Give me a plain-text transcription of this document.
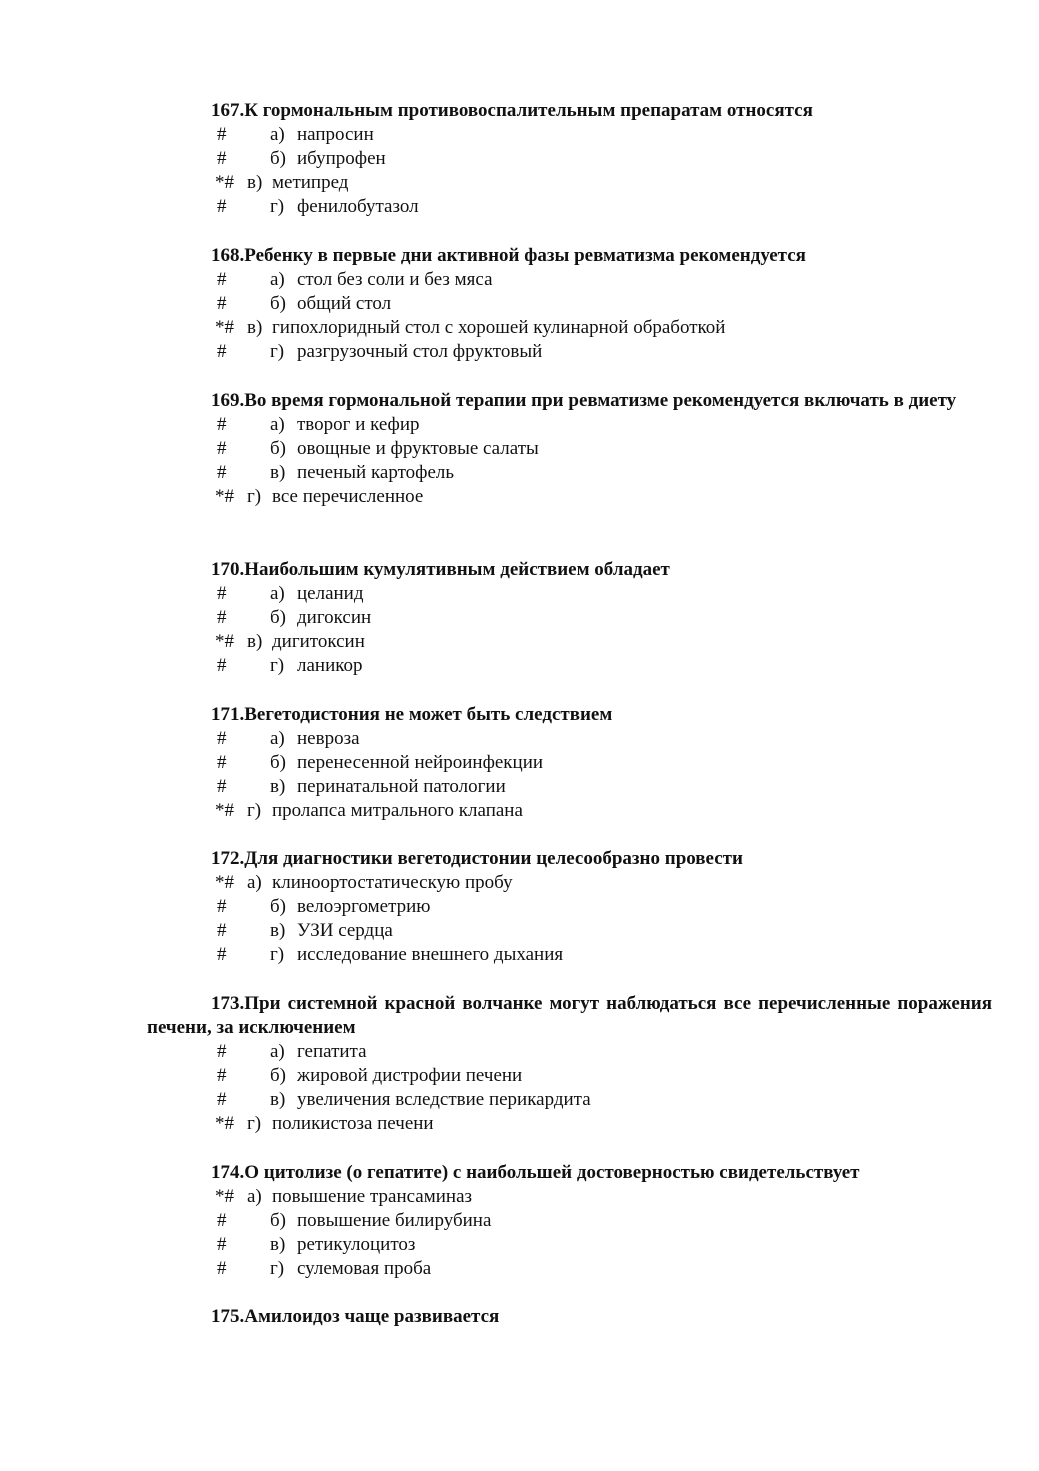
167.К гормональным противовоспалительным препаратам относятся
# а) напросин
# б) ибупрофен
*# в) метипред
# г) фенилобутазол
168.Ребенку в первые дни активной фазы ревматизма рекомендуется
# а) стол без соли и без мяса
# б) общий стол
*# в) гипохлоридный стол с хорошей кулинарной обработкой
# г) разгрузочный стол фруктовый
169.Во время гормональной терапии при ревматизме рекомендуется включать в диету
# а) творог и кефир
# б) овощные и фруктовые салаты
# в) печеный картофель
*# г) все перечисленное
170.Наибольшим кумулятивным действием обладает
# а) целанид
# б) дигоксин
*# в) дигитоксин
# г) ланикор
171.Вегетодистония не может быть следствием
# а) невроза
# б) перенесенной нейроинфекции
# в) перинатальной патологии
*# г) пролапса митрального клапана
172.Для диагностики вегетодистонии целесообразно провести
*# а) клиноортостатическую пробу
# б) велоэргометрию
# в) УЗИ сердца
# г) исследование внешнего дыхания
173.При системной красной волчанке могут наблюдаться все перечисленные поражения печени, за исключением
# а) гепатита
# б) жировой дистрофии печени
# в) увеличения вследствие перикардита
*# г) поликистоза печени
174.О цитолизе (о гепатите) с наибольшей достоверностью свидетельствует
*# а) повышение трансаминаз
# б) повышение билирубина
# в) ретикулоцитоз
# г) сулемовая проба
175.Амилоидоз чаще развивается
